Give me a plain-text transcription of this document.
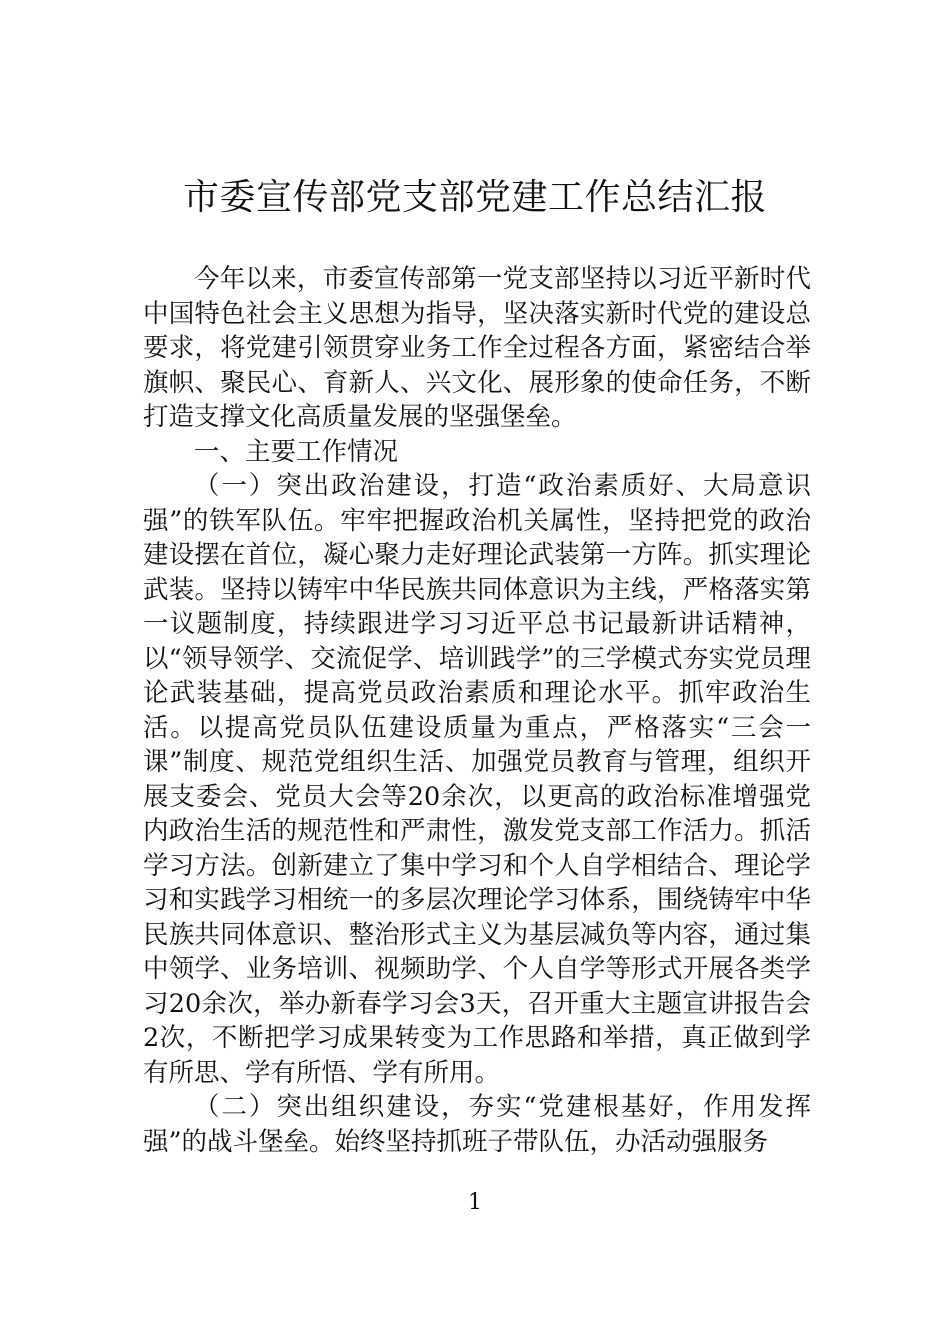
市委宣传部党支部党建工作总结汇报

今年以来，市委宣传部第一党支部坚持以习近平新时代中国特色社会主义思想为指导，坚决落实新时代党的建设总要求，将党建引领贯穿业务工作全过程各方面，紧密结合举旗帜、聚民心、育新人、兴文化、展形象的使命任务，不断打造支撑文化高质量发展的坚强堡垒。

一、主要工作情况

（一）突出政治建设，打造“政治素质好、大局意识强”的铁军队伍。牢牢把握政治机关属性，坚持把党的政治建设摆在首位，凝心聚力走好理论武装第一方阵。抓实理论武装。坚持以铸牢中华民族共同体意识为主线，严格落实第一议题制度，持续跟进学习习近平总书记最新讲话精神，以“领导领学、交流促学、培训践学”的三学模式夯实党员理论武装基础，提高党员政治素质和理论水平。抓牢政治生活。以提高党员队伍建设质量为重点，严格落实“三会一课”制度、规范党组织生活、加强党员教育与管理，组织开展支委会、党员大会等20余次，以更高的政治标准增强党内政治生活的规范性和严肃性，激发党支部工作活力。抓活学习方法。创新建立了集中学习和个人自学相结合、理论学习和实践学习相统一的多层次理论学习体系，围绕铸牢中华民族共同体意识、整治形式主义为基层减负等内容，通过集中领学、业务培训、视频助学、个人自学等形式开展各类学习20余次，举办新春学习会3天，召开重大主题宣讲报告会2次，不断把学习成果转变为工作思路和举措，真正做到学有所思、学有所悟、学有所用。

（二）突出组织建设，夯实“党建根基好，作用发挥强”的战斗堡垒。始终坚持抓班子带队伍，办活动强服务

1
